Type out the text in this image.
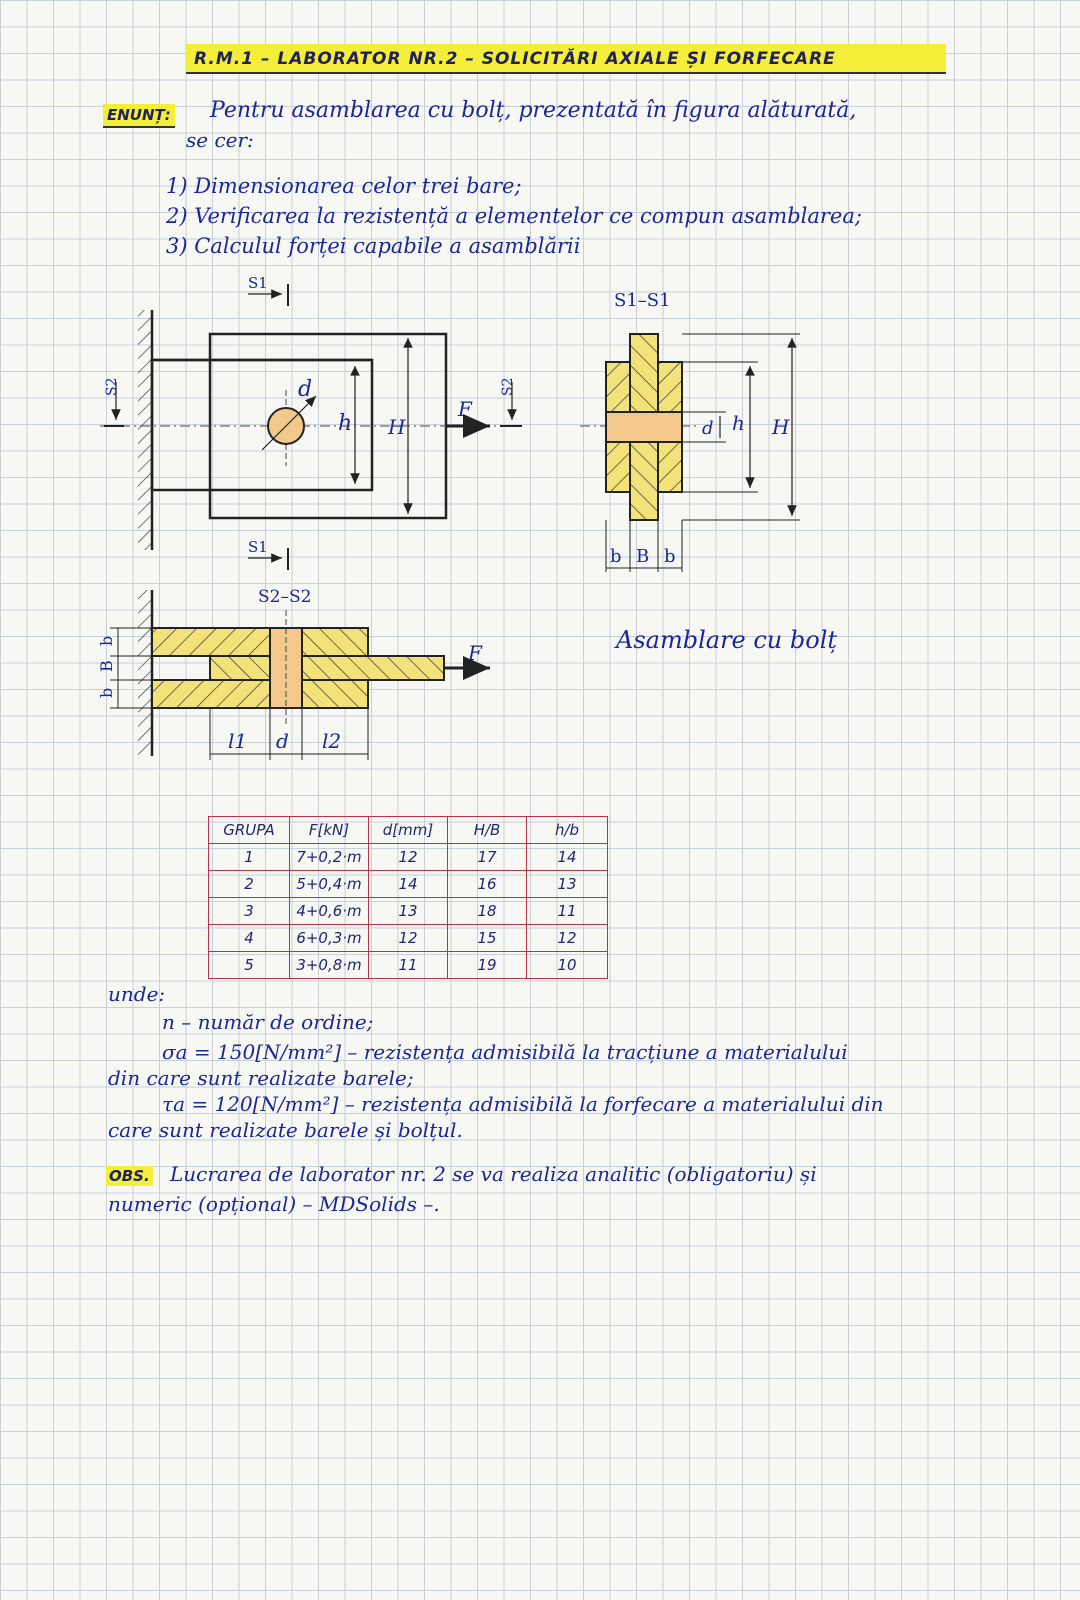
R.M.1 – LABORATOR NR.2 – SOLICITĂRI AXIALE ȘI FORFECARE
ENUNȚ: Pentru asamblarea cu bolț, prezentată în figura alăturată,
se cer:
1) Dimensionarea celor trei bare;
2) Verificarea la rezistență a elementelor ce compun asamblarea;
3) Calculul forței capabile a asamblării
d
h H
F
S1
S1
S2	S2
S1–S1
H
h
d
b B b
S2–S2
F
b
B
b
l1 d l2
Asamblare cu bolț
GRUPA	F[kN]	d[mm]	H/B	h/b
1	7+0,2·m	12	17	14
2	5+0,4·m	14	16	13
3	4+0,6·m	13	18	11
4	6+0,3·m	12	15	12
5	3+0,8·m	11	19	10
unde:
n – număr de ordine;
σa = 150[N/mm²] – rezistența admisibilă la tracțiune a materialului
din care sunt realizate barele;
τa = 120[N/mm²] – rezistența admisibilă la forfecare a materialului din
care sunt realizate barele și bolțul.
OBS. Lucrarea de laborator nr. 2 se va realiza analitic (obligatoriu) și
numeric (opțional) – MDSolids –.
